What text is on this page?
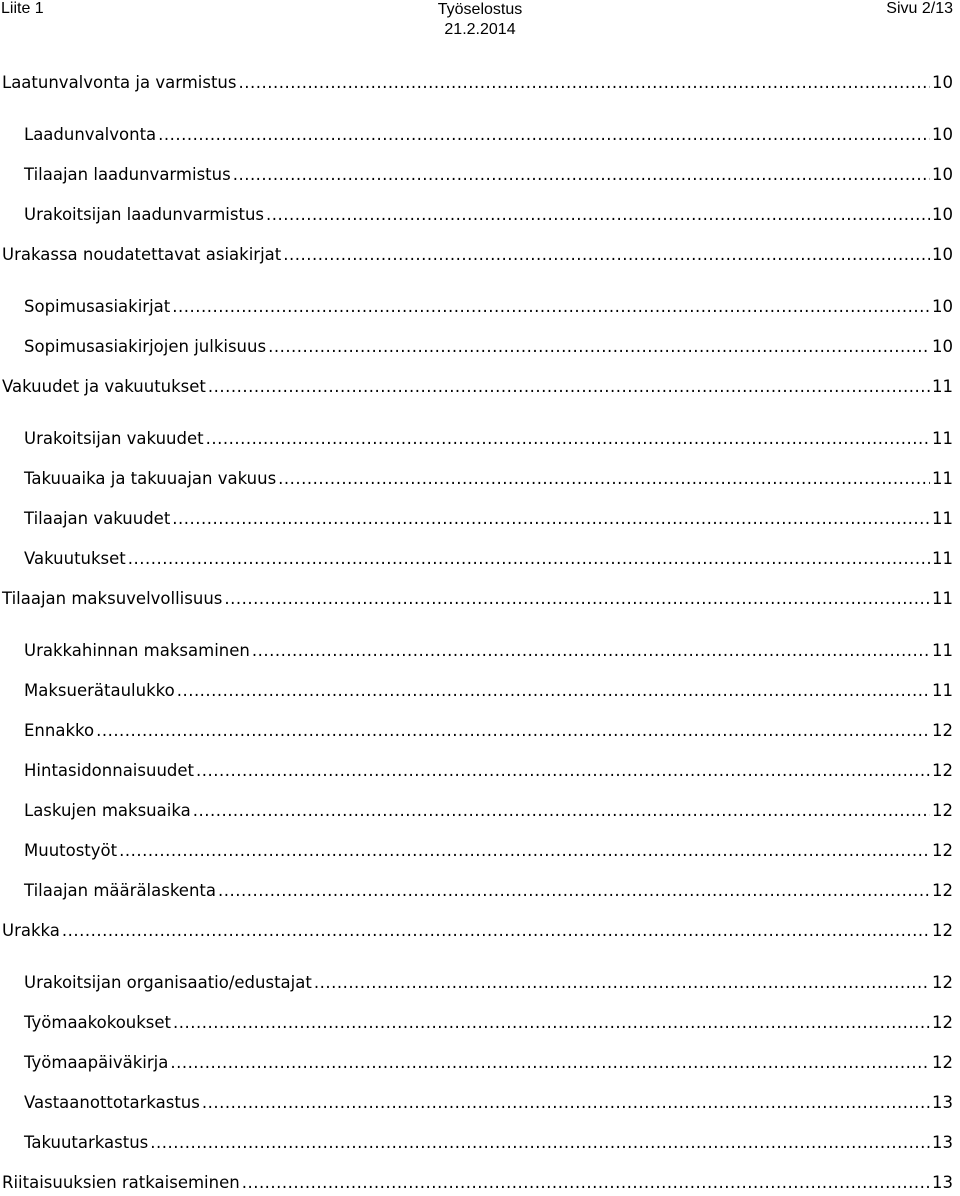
Liite 1	Työselostus
21.2.2014
Sivu 2/13
Laatunvalvonta ja varmistus .....	10
Laadunvalvonta .....	10
Tilaajan laadunvarmistus .....	10
Urakoitsijan laadunvarmistus .....	10
Urakassa noudatettavat asiakirjat .....	10
Sopimusasiakirjat .....	10
Sopimusasiakirjojen julkisuus .....	10
Vakuudet ja vakuutukset .....	11
Urakoitsijan vakuudet .....	11
Takuuaika ja takuuajan vakuus .....	11
Tilaajan vakuudet .....	11
Vakuutukset .....	11
Tilaajan maksuvelvollisuus .....	11
Urakkahinnan maksaminen .....	11
Maksuerätaulukko .....	11
Ennakko .....	12
Hintasidonnaisuudet .....	12
Laskujen maksuaika .....	12
Muutostyöt .....	12
Tilaajan määrälaskenta .....	12
Urakka .....	12
Urakoitsijan organisaatio/edustajat .....	12
Työmaakokoukset .....	12
Työmaapäiväkirja .....	12
Vastaanottotarkastus .....	13
Takuutarkastus .....	13
Riitaisuuksien ratkaiseminen .....	13
